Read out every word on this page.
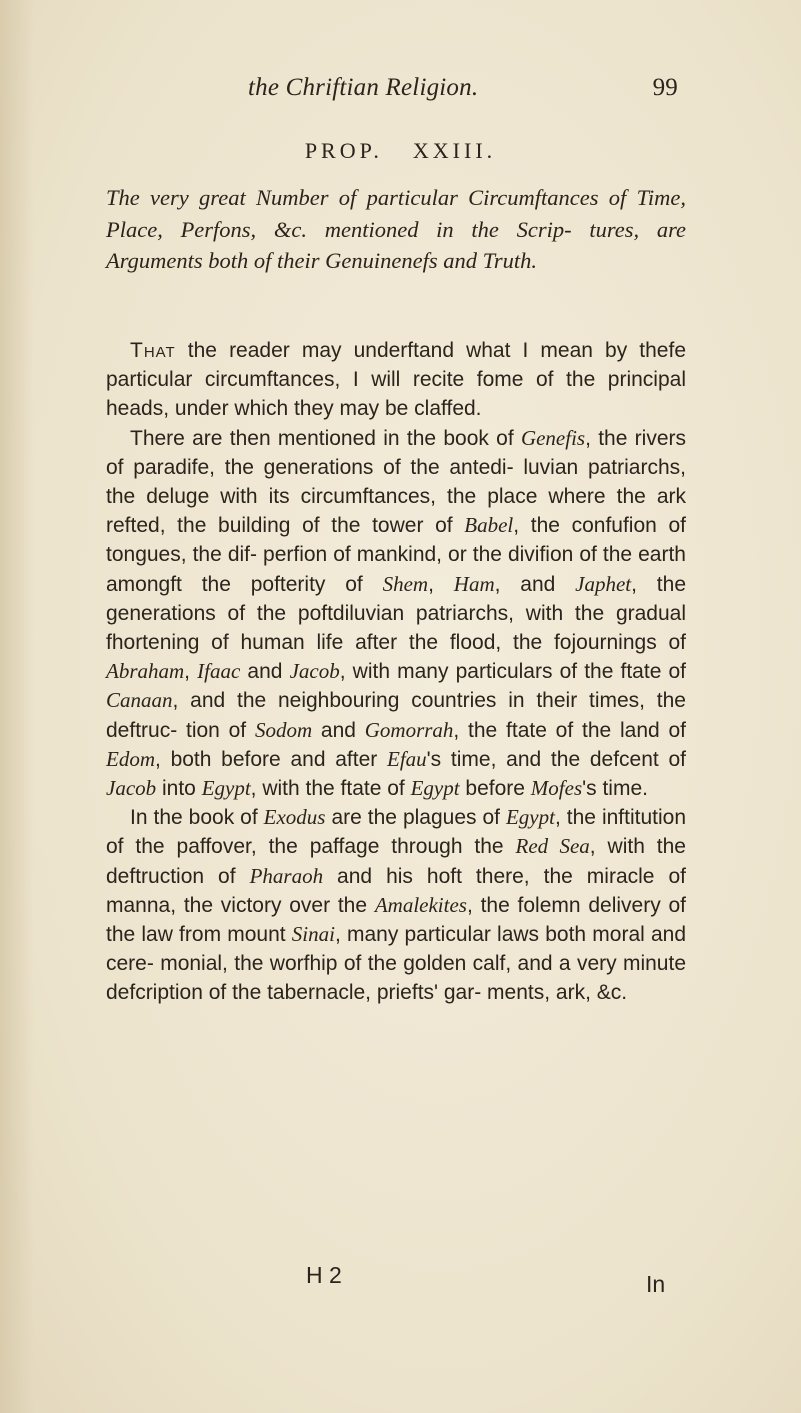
the Chriftian Religion.	99
PROP. XXIII.
The very great Number of particular Circumftances of Time, Place, Perfons, &c. mentioned in the Scrip- tures, are Arguments both of their Genuinenefs and Truth.

That the reader may underftand what I mean by thefe particular circumftances, I will recite fome of the principal heads, under which they may be claffed.

There are then mentioned in the book of Genefis, the rivers of paradife, the generations of the antedi- luvian patriarchs, the deluge with its circumftances, the place where the ark refted, the building of the tower of Babel, the confufion of tongues, the dif- perfion of mankind, or the divifion of the earth amongft the pofterity of Shem, Ham, and Japhet, the generations of the poftdiluvian patriarchs, with the gradual fhortening of human life after the flood, the fojournings of Abraham, Ifaac and Jacob, with many particulars of the ftate of Canaan, and the neighbouring countries in their times, the deftruc- tion of Sodom and Gomorrah, the ftate of the land of Edom, both before and after Efau's time, and the defcent of Jacob into Egypt, with the ftate of Egypt before Mofes's time.

In the book of Exodus are the plagues of Egypt, the inftitution of the paffover, the paffage through the Red Sea, with the deftruction of Pharaoh and his hoft there, the miracle of manna, the victory over the Amalekites, the folemn delivery of the law from mount Sinai, many particular laws both moral and cere- monial, the worfhip of the golden calf, and a very minute defcription of the tabernacle, priefts' gar- ments, ark, &c.

H 2	In
